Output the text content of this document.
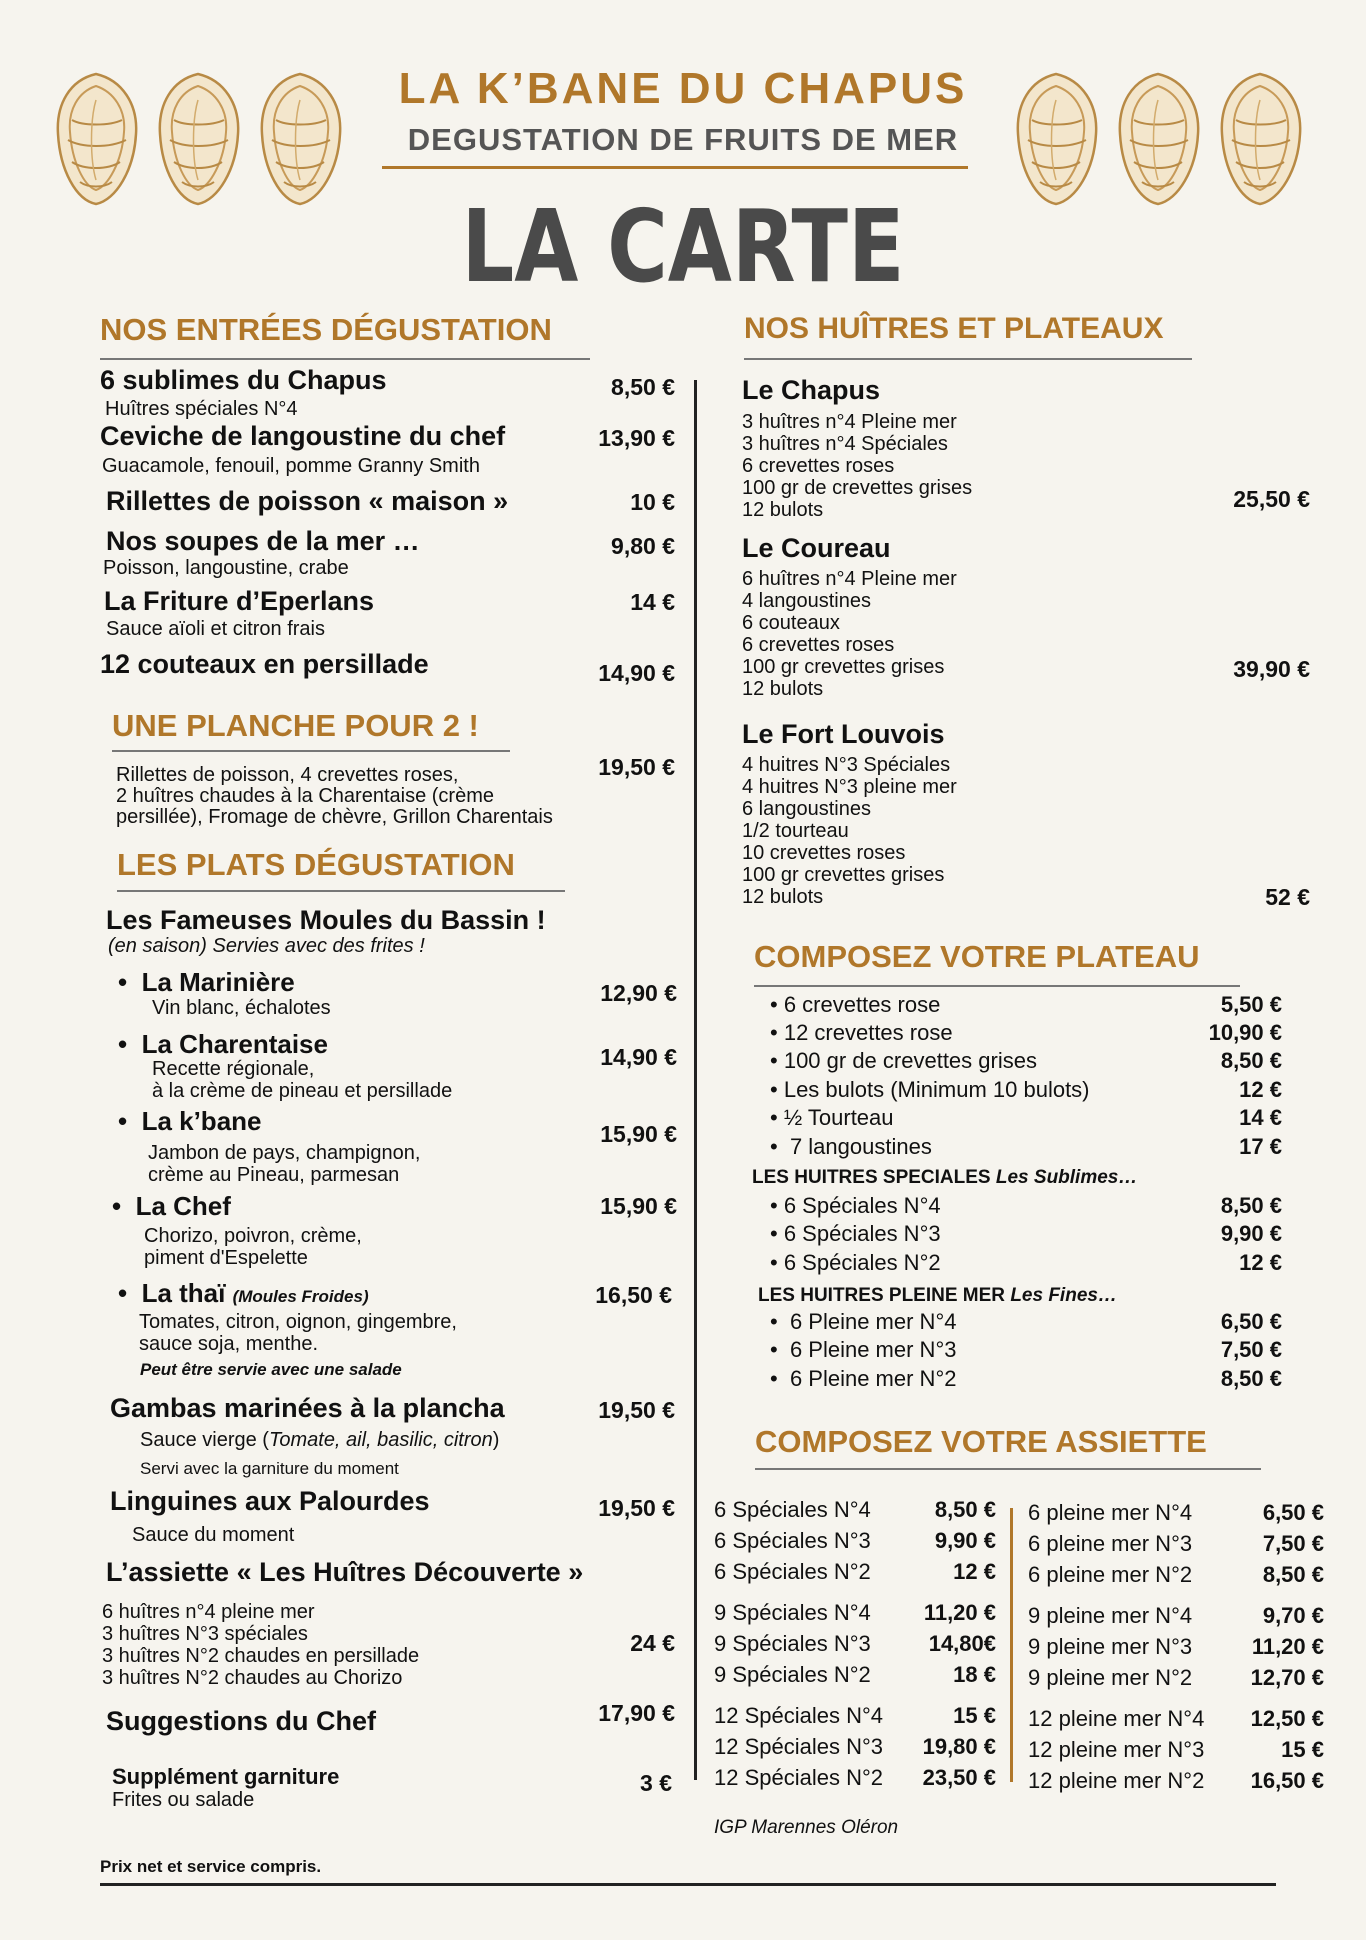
LA K’BANE DU CHAPUS
DEGUSTATION DE FRUITS DE MER
LA CARTE
NOS ENTRÉES DÉGUSTATION
6 sublimes du Chapus
Huîtres spéciales N°4
8,50 €
Ceviche de langoustine du chef
Guacamole, fenouil, pomme Granny Smith
13,90 €
Rillettes de poisson « maison »	10 €
Nos soupes de la mer …
Poisson, langoustine, crabe
9,80 €
La Friture d’Eperlans
Sauce aïoli et citron frais
14 €
12 couteaux en persillade	14,90 €
UNE PLANCHE POUR 2 !
Rillettes de poisson, 4 crevettes roses,
2 huîtres chaudes à la Charentaise (crème
persillée), Fromage de chèvre, Grillon Charentais
19,50 €
LES PLATS DÉGUSTATION
Les Fameuses Moules du Bassin !
(en saison) Servies avec des frites !
•  La Marinière
Vin blanc, échalotes
12,90 €
•  La Charentaise
Recette régionale,
à la crème de pineau et persillade
14,90 €
•  La k’bane
Jambon de pays, champignon,
crème au Pineau, parmesan
15,90 €
•  La Chef
Chorizo, poivron, crème,
piment d'Espelette
15,90 €
•  La thaï (Moules Froides)
Tomates, citron, oignon, gingembre,
sauce soja, menthe.
Peut être servie avec une salade
16,50 €
Gambas marinées à la plancha
Sauce vierge (Tomate, ail, basilic, citron)
Servi avec la garniture du moment
19,50 €
Linguines aux Palourdes
Sauce du moment
19,50 €
L’assiette « Les Huîtres Découverte »
6 huîtres n°4 pleine mer
3 huîtres N°3 spéciales
3 huîtres N°2 chaudes en persillade
3 huîtres N°2 chaudes au Chorizo
24 €
Suggestions du Chef	17,90 €
Supplément garniture
Frites ou salade
3 €
NOS HUÎTRES ET PLATEAUX
Le Chapus
3 huîtres n°4 Pleine mer
3 huîtres n°4 Spéciales
6 crevettes roses
100 gr de crevettes grises
12 bulots	25,50 €
Le Coureau
6 huîtres n°4 Pleine mer
4 langoustines
6 couteaux
6 crevettes roses
100 gr crevettes grises
12 bulots
39,90 €
Le Fort Louvois
4 huitres N°3 Spéciales
4 huitres N°3 pleine mer
6 langoustines
1/2 tourteau
10 crevettes roses
100 gr crevettes grises
12 bulots	52 €
COMPOSEZ VOTRE PLATEAU
• 6 crevettes rose	5,50 €
• 12 crevettes rose	10,90 €
• 100 gr de crevettes grises	8,50 €
• Les bulots (Minimum 10 bulots)	12 €
• ½ Tourteau	14 €
•  7 langoustines	17 €
LES HUITRES SPECIALES Les Sublimes…
• 6 Spéciales N°4	8,50 €
• 6 Spéciales N°3	9,90 €
• 6 Spéciales N°2	12 €
LES HUITRES PLEINE MER Les Fines…
•  6 Pleine mer N°4	6,50 €
•  6 Pleine mer N°3	7,50 €
•  6 Pleine mer N°2	8,50 €
COMPOSEZ VOTRE ASSIETTE
6 Spéciales N°4	8,50 €
6 Spéciales N°3	9,90 €
6 Spéciales N°2	12 €
9 Spéciales N°4 11,20 €
9 Spéciales N°3	14,80€
9 Spéciales N°2	18 €
12 Spéciales N°4	15 €
12 Spéciales N°3 19,80 €
12 Spéciales N°2 23,50 €
6 pleine mer N°4	6,50 €
6 pleine mer N°3	7,50 €
6 pleine mer N°2	8,50 €
9 pleine mer N°4	9,70 €
9 pleine mer N°3	11,20 €
9 pleine mer N°2	12,70 €
12 pleine mer N°4 12,50 €
12 pleine mer N°3	15 €
12 pleine mer N°2 16,50 €
IGP Marennes Oléron
Prix net et service compris.
